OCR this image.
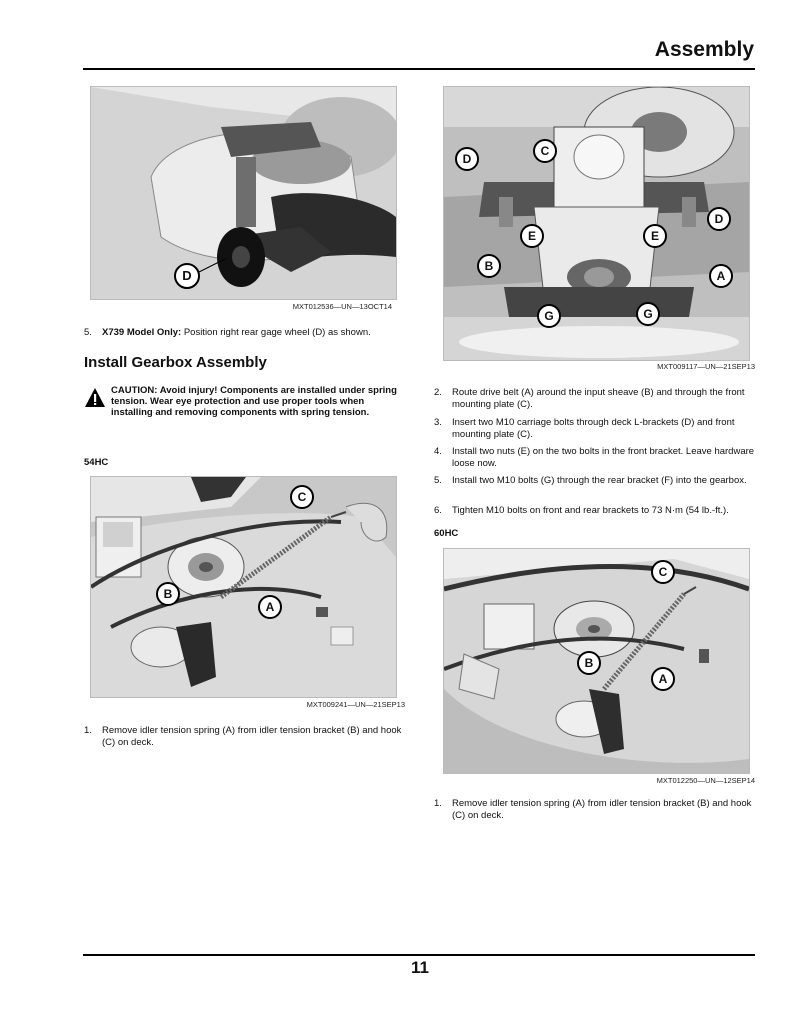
Assembly
D
MXT012536—UN—13OCT14
5. X739 Model Only: Position right rear gage wheel (D) as shown.
Install Gearbox Assembly
CAUTION: Avoid injury! Components are installed under spring tension. Wear eye protection and use proper tools when installing and removing components with spring tension.
54HC
C
B
A
MXT009241—UN—21SEP13
1. Remove idler tension spring (A) from idler tension bracket (B) and hook (C) on deck.
D
C
D
E	E
B
A
G	G
MXT009117—UN—21SEP13
2. Route drive belt (A) around the input sheave (B) and through the front mounting plate (C).
3. Insert two M10 carriage bolts through deck L-brackets (D) and front mounting plate (C).
4. Install two nuts (E) on the two bolts in the front bracket. Leave hardware loose now.
5. Install two M10 bolts (G) through the rear bracket (F) into the gearbox.
6. Tighten M10 bolts on front and rear brackets to 73 N·m (54 lb.-ft.).
60HC
C
B
A
MXT012250—UN—12SEP14
1. Remove idler tension spring (A) from idler tension bracket (B) and hook (C) on deck.
11
